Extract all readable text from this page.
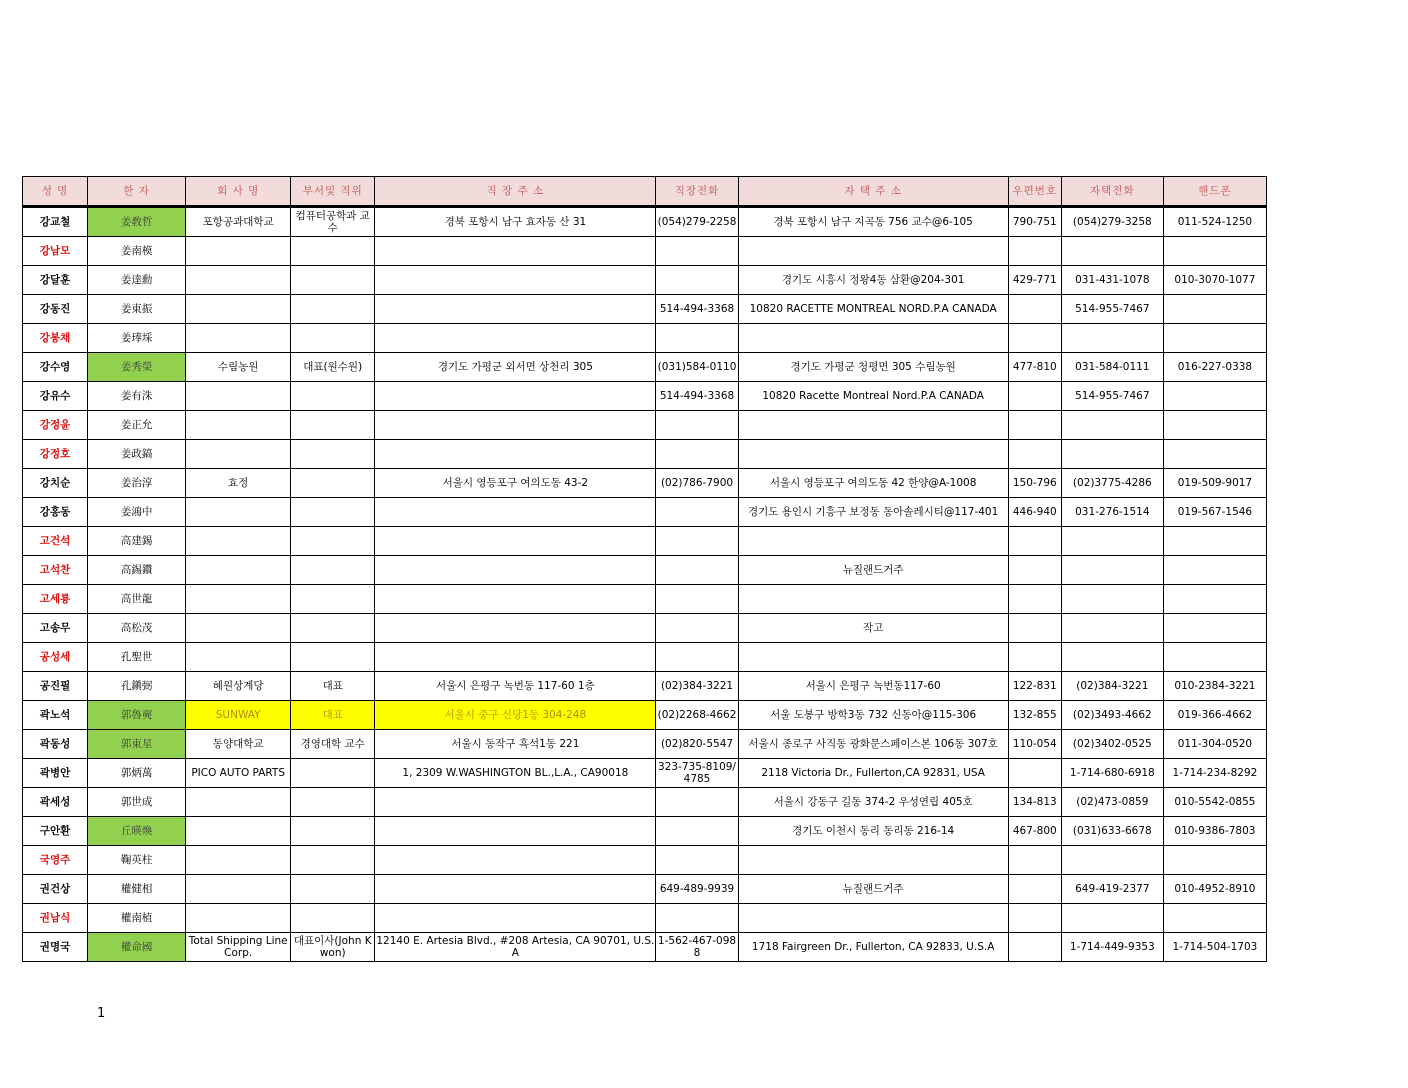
성 명	한 자	회 사 명	부서및 직위	직 장 주 소	직장전화	자 택 주 소	우편번호	자택전화	핸드폰
강교철	姜敎哲	포항공과대학교	컴퓨터공학과 교수	경북 포항시 남구 효자동 산 31	(054)279-2258	경북 포항시 남구 지곡동 756 교수@6-105	790-751	(054)279-3258	011-524-1250
강남모	姜南模								
강달훈	姜達勳					경기도 시흥시 정왕4동 삼환@204-301	429-771	031-431-1078	010-3070-1077
강동진	姜東振				514-494-3368	10820 RACETTE MONTREAL NORD.P.A CANADA		514-955-7467	
강봉채	姜琫埰								
강수영	姜秀榮	수림농원	대표(원수원)	경기도 가평군 외서면 상천리 305	(031)584-0110	경기도 가평군 청평면 305 수림농원	477-810	031-584-0111	016-227-0338
강유수	姜有洙				514-494-3368	10820 Racette Montreal Nord.P.A CANADA		514-955-7467	
강정윤	姜正允								
강정호	姜政鎬								
강치순	姜治淳	효정		서울시 영등포구 여의도동 43-2	(02)786-7900	서울시 영등포구 여의도동 42 한양@A-1008	150-796	(02)3775-4286	019-509-9017
강홍동	姜鴻中					경기도 용인시 기흥구 보정동 동아솔레시티@117-401	446-940	031-276-1514	019-567-1546
고건석	高建錫								
고석찬	高錫鑽					뉴질랜드거주			
고세룡	高世龍								
고송무	高松茂					작고			
공성세	孔聖世								
공진필	孔鎭弼	혜원상계당	대표	서울시 은평구 녹번동 117-60 1층	(02)384-3221	서울시 은평구 녹번동117-60	122-831	(02)384-3221	010-2384-3221
곽노석	郭魯奭	SUNWAY	대표	서울시 중구 신당1동 304-248	(02)2268-4662	서울 도봉구 방학3동 732 신동아@115-306	132-855	(02)3493-4662	019-366-4662
곽동성	郭東星	동양대학교	경영대학 교수	서울시 동작구 흑석1동 221	(02)820-5547	서울시 종로구 사직동 광화문스페이스본 106동 307호	110-054	(02)3402-0525	011-304-0520
곽병안	郭炳萬	PICO AUTO PARTS		1, 2309 W.WASHINGTON BL.,L.A., CA90018	323-735-8109/4785	2118 Victoria Dr., Fullerton,CA 92831, USA		1-714-680-6918	1-714-234-8292
곽세성	郭世成					서울시 강동구 길동 374-2 우성연립 405호	134-813	(02)473-0859	010-5542-0855
구안환	丘暎煥					경기도 이천시 동리 동리동 216-14	467-800	(031)633-6678	010-9386-7803
국영주	鞠英柱								
권건상	權健相				649-489-9939	뉴질랜드거주		649-419-2377	010-4952-8910
권남식	權南植								
권명국	權命國	Total Shipping Line Corp.	대표이사(John Kwon)	12140 E. Artesia Blvd., #208 Artesia, CA 90701, U.S.A	1-562-467-0988	1718 Fairgreen Dr., Fullerton, CA 92833, U.S.A		1-714-449-9353	1-714-504-1703
1
